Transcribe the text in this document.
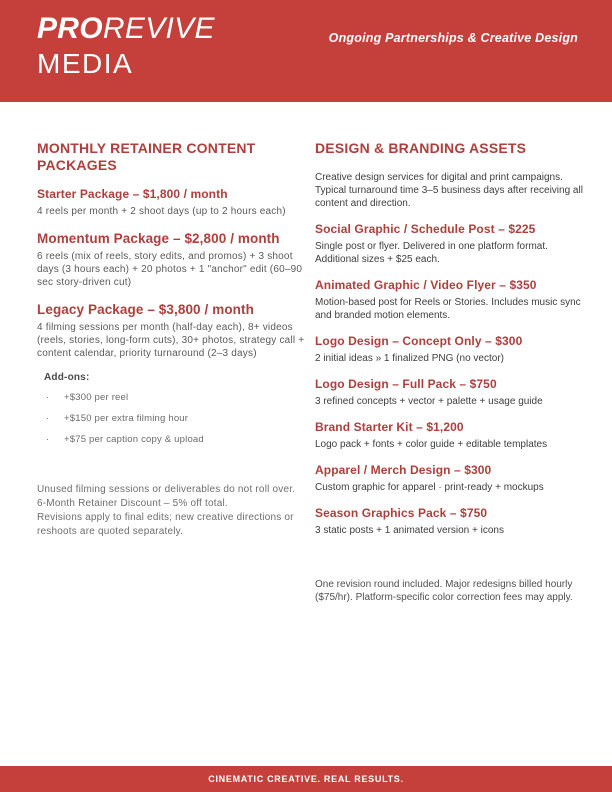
PROREVIVE
MEDIA
Ongoing Partnerships & Creative Design
MONTHLY RETAINER CONTENT PACKAGES
Starter Package – $1,800 / month
4 reels per month + 2 shoot days (up to 2 hours each)
Momentum Package – $2,800 / month
6 reels (mix of reels, story edits, and promos) + 3 shoot days (3 hours each) + 20 photos + 1 "anchor" edit (60–90 sec story-driven cut)
Legacy Package – $3,800 / month
4 filming sessions per month (half-day each), 8+ videos (reels, stories, long-form cuts), 30+ photos, strategy call + content calendar, priority turnaround (2–3 days)
Add-ons:
·
+$300 per reel
·
+$150 per extra filming hour
·
+$75 per caption copy & upload
Unused filming sessions or deliverables do not roll over.
6-Month Retainer Discount – 5% off total.
Revisions apply to final edits; new creative directions or reshoots are quoted separately.
DESIGN & BRANDING ASSETS
Creative design services for digital and print campaigns. Typical turnaround time 3–5 business days after receiving all content and direction.
Social Graphic / Schedule Post – $225
Single post or flyer. Delivered in one platform format. Additional sizes + $25 each.
Animated Graphic / Video Flyer – $350
Motion-based post for Reels or Stories. Includes music sync and branded motion elements.
Logo Design – Concept Only – $300
2 initial ideas » 1 finalized PNG (no vector)
Logo Design – Full Pack – $750
3 refined concepts + vector + palette + usage guide
Brand Starter Kit – $1,200
Logo pack + fonts + color guide + editable templates
Apparel / Merch Design – $300
Custom graphic for apparel · print-ready + mockups
Season Graphics Pack – $750
3 static posts + 1 animated version + icons
One revision round included. Major redesigns billed hourly ($75/hr). Platform-specific color correction fees may apply.
CINEMATIC CREATIVE. REAL RESULTS.
